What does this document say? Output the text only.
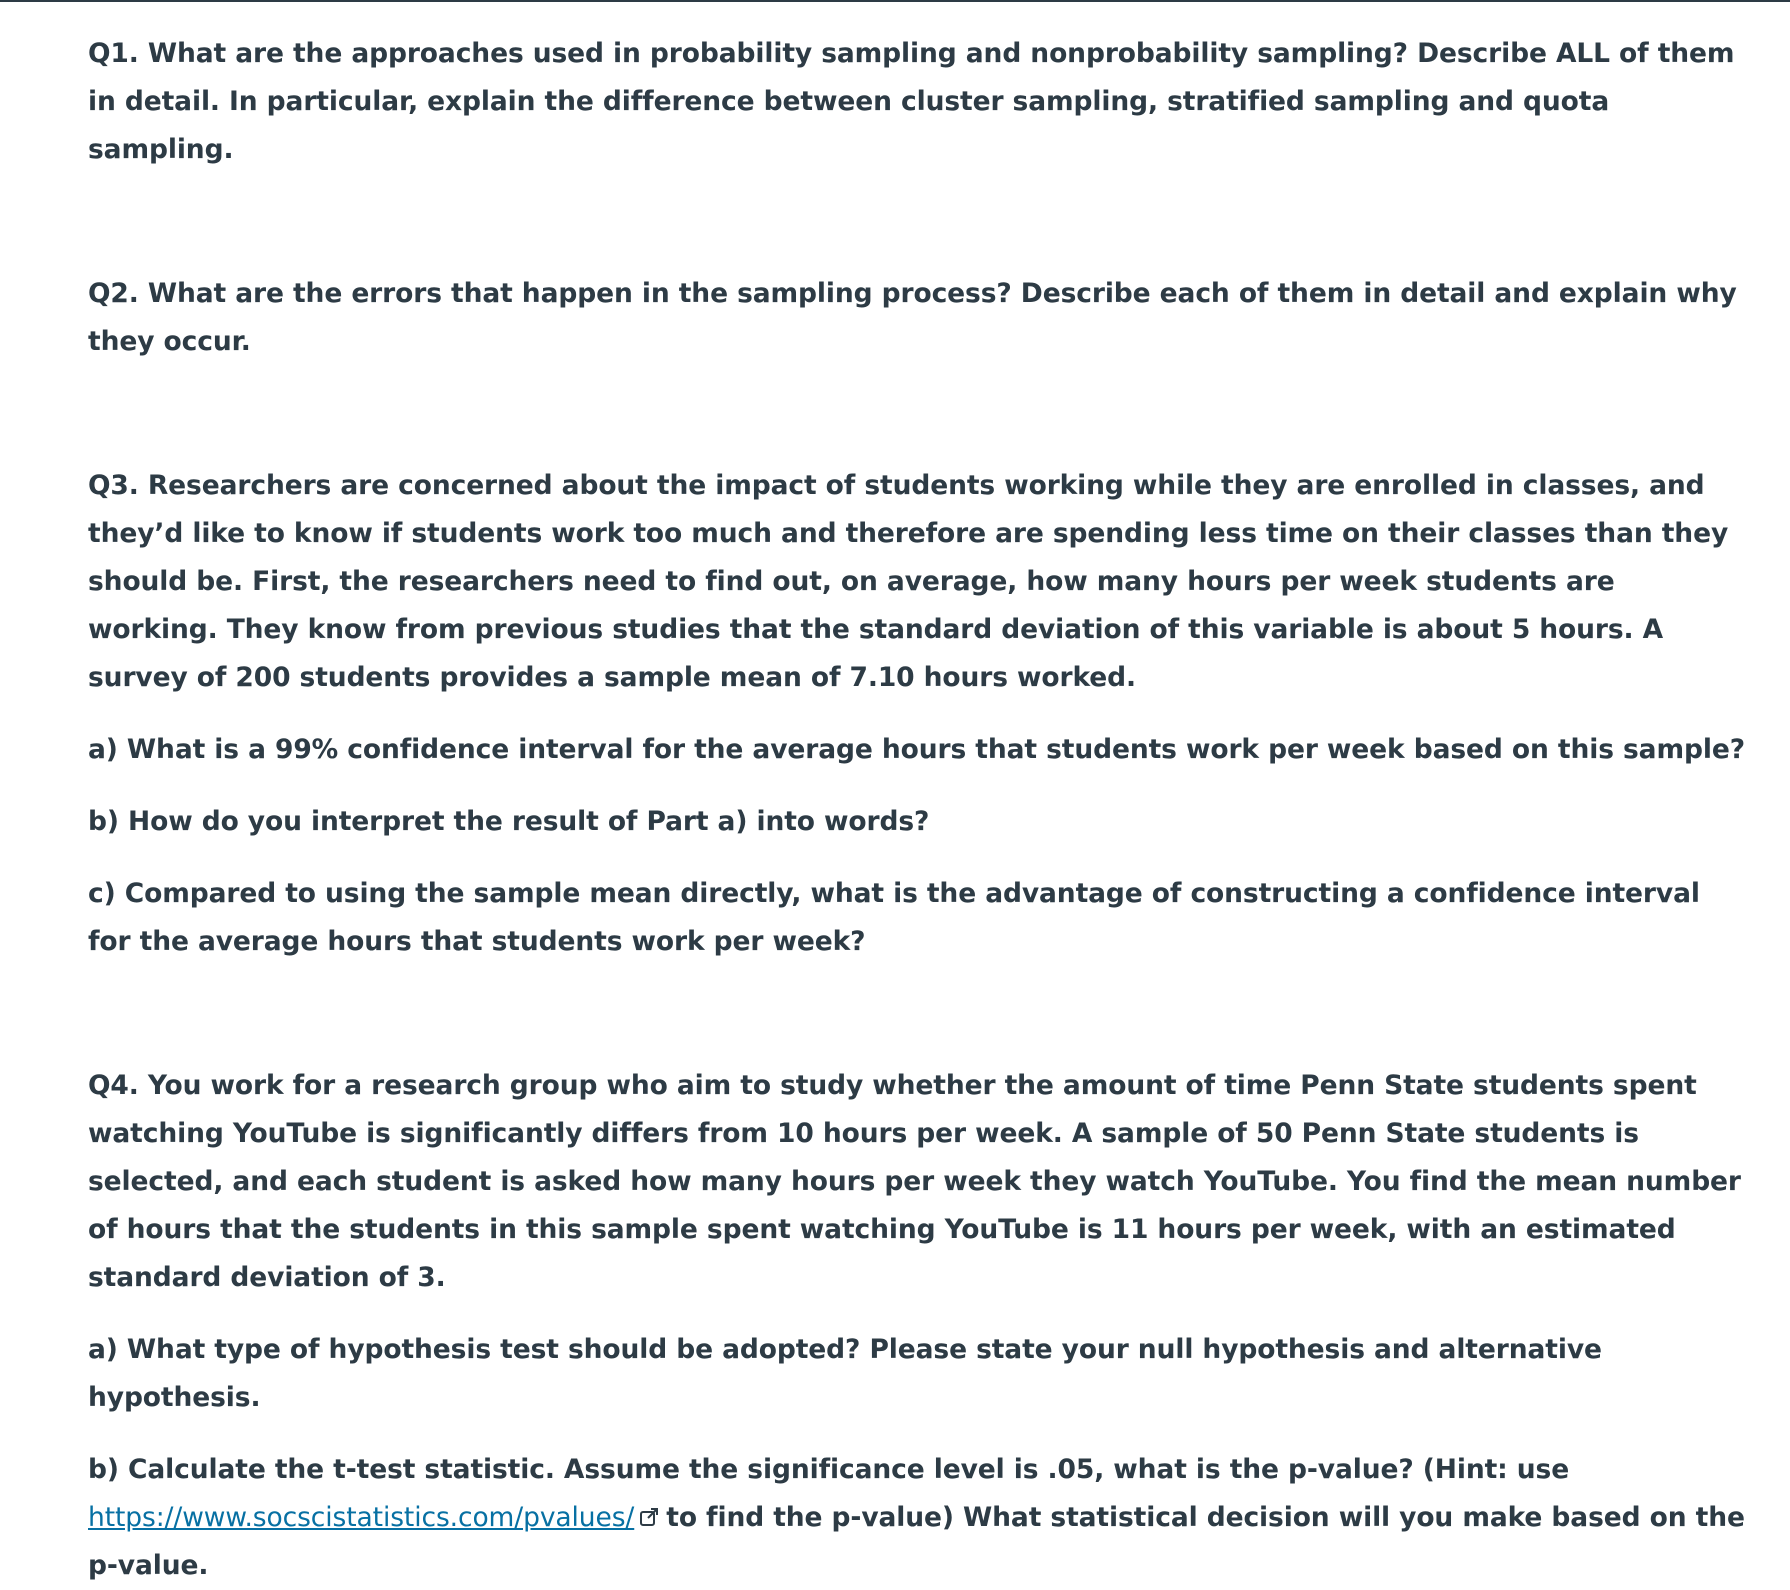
Q1. What are the approaches used in probability sampling and nonprobability sampling? Describe ALL of them in detail. In particular, explain the difference between cluster sampling, stratified sampling and quota sampling.

Q2. What are the errors that happen in the sampling process? Describe each of them in detail and explain why they occur.

Q3. Researchers are concerned about the impact of students working while they are enrolled in classes, and they’d like to know if students work too much and therefore are spending less time on their classes than they should be. First, the researchers need to find out, on average, how many hours per week students are working. They know from previous studies that the standard deviation of this variable is about 5 hours. A survey of 200 students provides a sample mean of 7.10 hours worked.

a) What is a 99% confidence interval for the average hours that students work per week based on this sample?

b) How do you interpret the result of Part a) into words?

c) Compared to using the sample mean directly, what is the advantage of constructing a confidence interval for the average hours that students work per week?

Q4. You work for a research group who aim to study whether the amount of time Penn State students spent watching YouTube is significantly differs from 10 hours per week. A sample of 50 Penn State students is selected, and each student is asked how many hours per week they watch YouTube. You find the mean number of hours that the students in this sample spent watching YouTube is 11 hours per week, with an estimated standard deviation of 3.

a) What type of hypothesis test should be adopted? Please state your null hypothesis and alternative hypothesis.

b) Calculate the t-test statistic. Assume the significance level is .05, what is the p-value? (Hint: use
https://www.socscistatistics.com/pvalues/ to find the p-value) What statistical decision will you make based on the p-value.
